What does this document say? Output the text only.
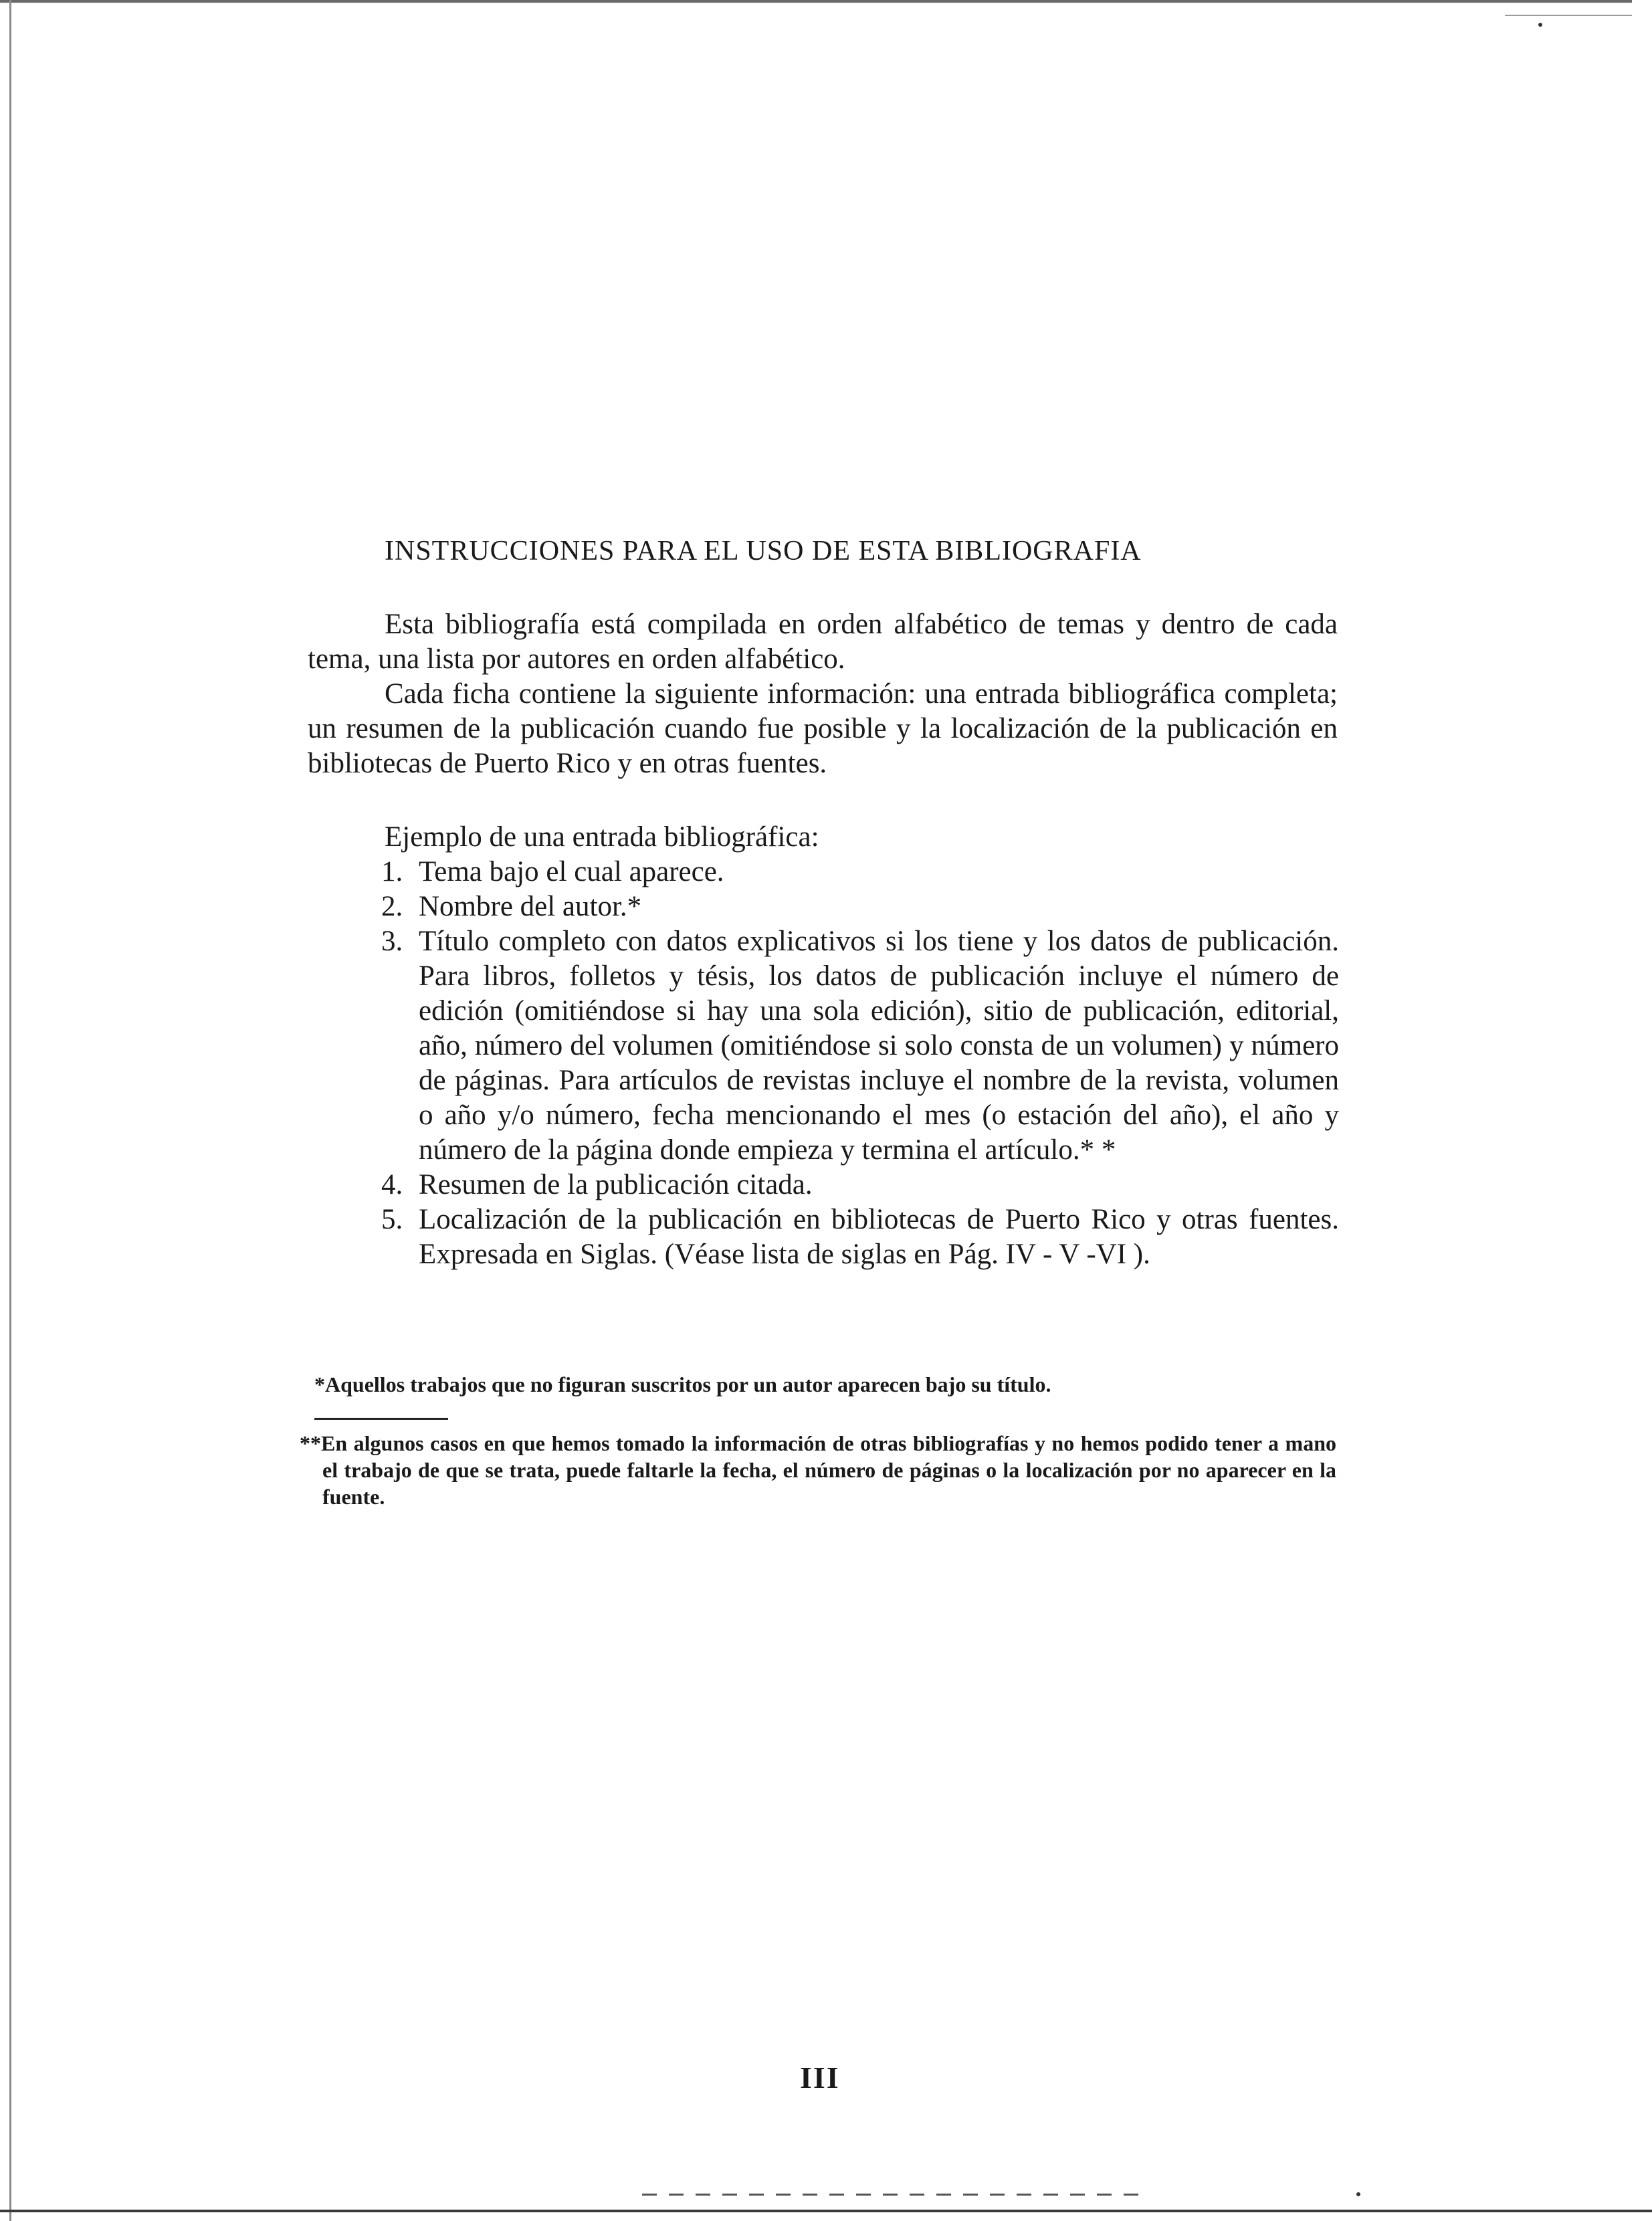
INSTRUCCIONES PARA EL USO DE ESTA BIBLIOGRAFIA

Esta bibliografía está compilada en orden alfabético de temas y dentro de cada tema, una lista por autores en orden alfabético.

Cada ficha contiene la siguiente información: una entrada bibliográfica completa; un resumen de la publicación cuando fue posible y la localización de la publicación en bibliotecas de Puerto Rico y en otras fuentes.

Ejemplo de una entrada bibliográfica:
1. Tema bajo el cual aparece.
2. Nombre del autor.*
3. Título completo con datos explicativos si los tiene y los datos de publicación. Para libros, folletos y tésis, los datos de publicación incluye el número de edición (omitiéndose si hay una sola edición), sitio de publicación, editorial, año, número del volumen (omitiéndose si solo consta de un volumen) y número de páginas. Para artículos de revistas incluye el nombre de la revista, volumen o año y/o número, fecha mencionando el mes (o estación del año), el año y número de la página donde empieza y termina el artículo.* *
4. Resumen de la publicación citada.
5. Localización de la publicación en bibliotecas de Puerto Rico y otras fuentes. Expresada en Siglas. (Véase lista de siglas en Pág. IV - V -VI ).
*Aquellos trabajos que no figuran suscritos por un autor aparecen bajo su título.
**En algunos casos en que hemos tomado la información de otras bibliografías y no hemos podido tener a mano el trabajo de que se trata, puede faltarle la fecha, el número de páginas o la localización por no aparecer en la fuente.
III
